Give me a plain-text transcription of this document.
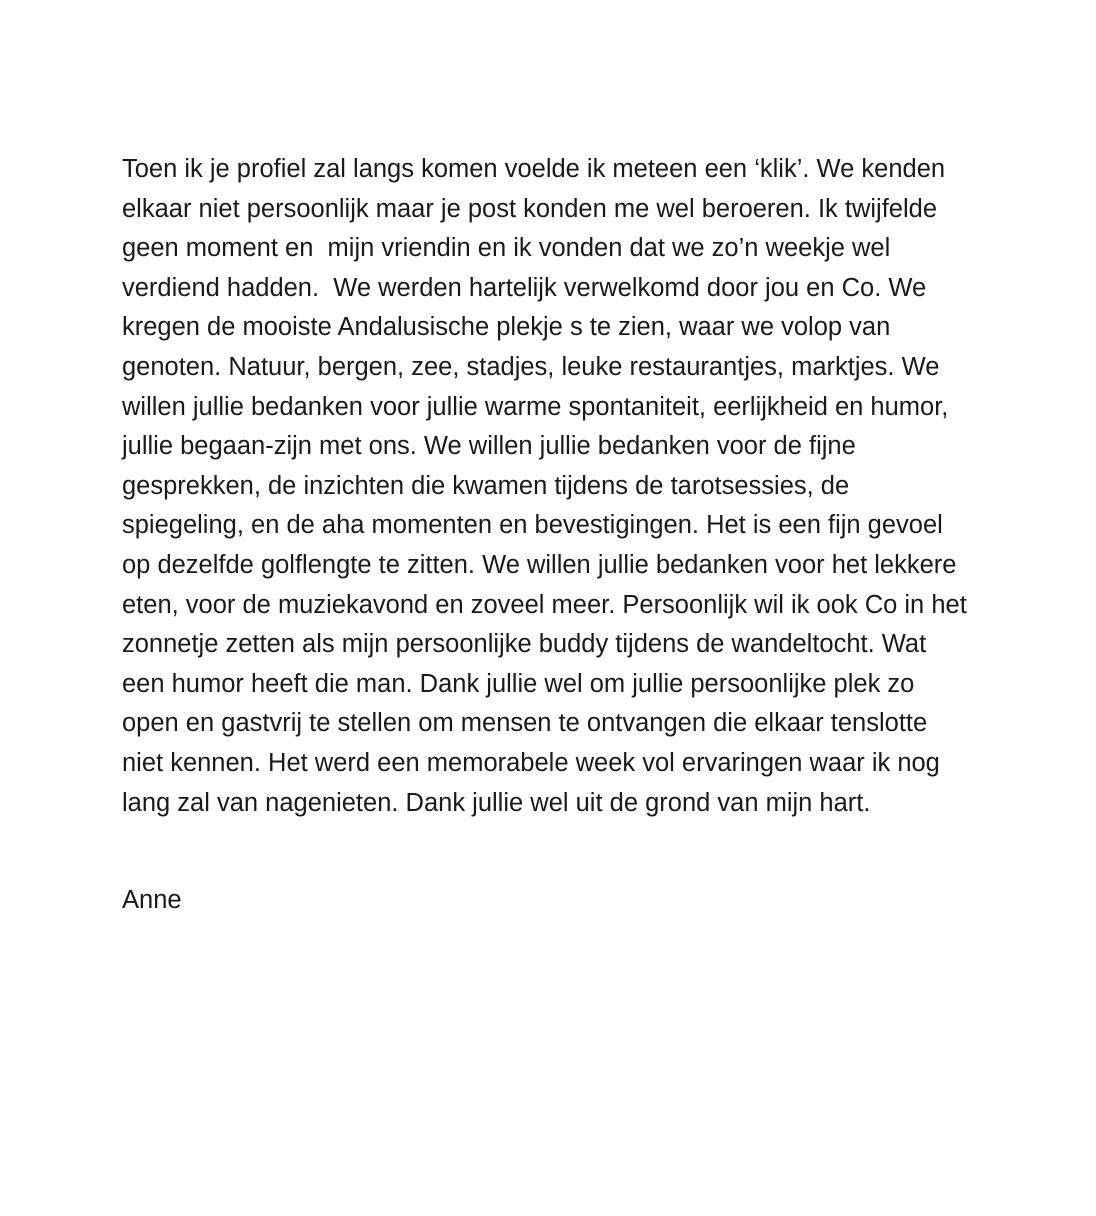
Toen ik je profiel zal langs komen voelde ik meteen een ‘klik’. We kenden elkaar niet persoonlijk maar je post konden me wel beroeren. Ik twijfelde geen moment en  mijn vriendin en ik vonden dat we zo’n weekje wel verdiend hadden.  We werden hartelijk verwelkomd door jou en Co. We kregen de mooiste Andalusische plekje s te zien, waar we volop van genoten. Natuur, bergen, zee, stadjes, leuke restaurantjes, marktjes. We willen jullie bedanken voor jullie warme spontaniteit, eerlijkheid en humor, jullie begaan-zijn met ons. We willen jullie bedanken voor de fijne gesprekken, de inzichten die kwamen tijdens de tarotsessies, de spiegeling, en de aha momenten en bevestigingen. Het is een fijn gevoel op dezelfde golflengte te zitten. We willen jullie bedanken voor het lekkere eten, voor de muziekavond en zoveel meer. Persoonlijk wil ik ook Co in het zonnetje zetten als mijn persoonlijke buddy tijdens de wandeltocht. Wat een humor heeft die man. Dank jullie wel om jullie persoonlijke plek zo open en gastvrij te stellen om mensen te ontvangen die elkaar tenslotte niet kennen. Het werd een memorabele week vol ervaringen waar ik nog lang zal van nagenieten. Dank jullie wel uit de grond van mijn hart.

Anne
